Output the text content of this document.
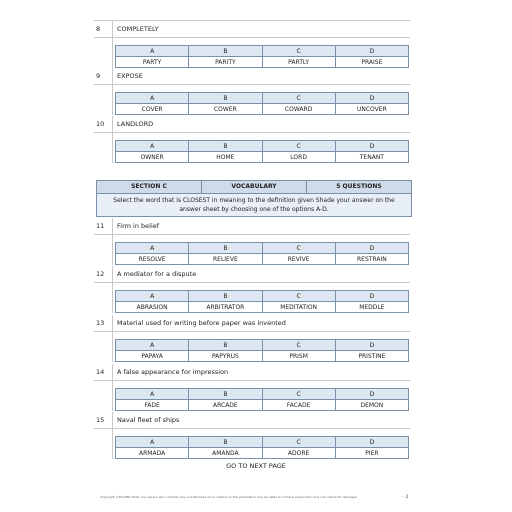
8	COMPLETELY
A	B	C	D
PARTY	PARITY	PARTLY	PRAISE
9	EXPOSE
A	B	C	D
COVER	COWER	COWARD	UNCOVER
10	LANDLORD
A	B	C	D
OWNER	HOME	LORD	TENANT
SECTION C	VOCABULARY	5 QUESTIONS
Select the word that is CLOSEST in meaning to the definition given Shade your answer on the answer sheet by choosing one of the options A-D.
11	Firm in belief
A	B	C	D
RESOLVE	RELIEVE	REVIVE	RESTRAIN
12	A mediator for a dispute
A	B	C	D
ABRASION	ARBITRATOR	MEDITATION	MEDDLE
13	Material used for writing before paper was invented
A	B	C	D
PAPAYA	PAPYRUS	PRISM	PRISTINE
14	A false appearance for impression
A	B	C	D
FADE	ARCADE	FACADE	DEMON
15	Naval fleet of ships
A	B	C	D
ARMADA	AMANDA	ADORE	PIER
GO TO NEXT PAGE
Copyright ©PlusSFR 2024. Any person who commits any unauthorised act in relation to this publication may be liable to criminal prosecution and civil claims for damages.	- 2
